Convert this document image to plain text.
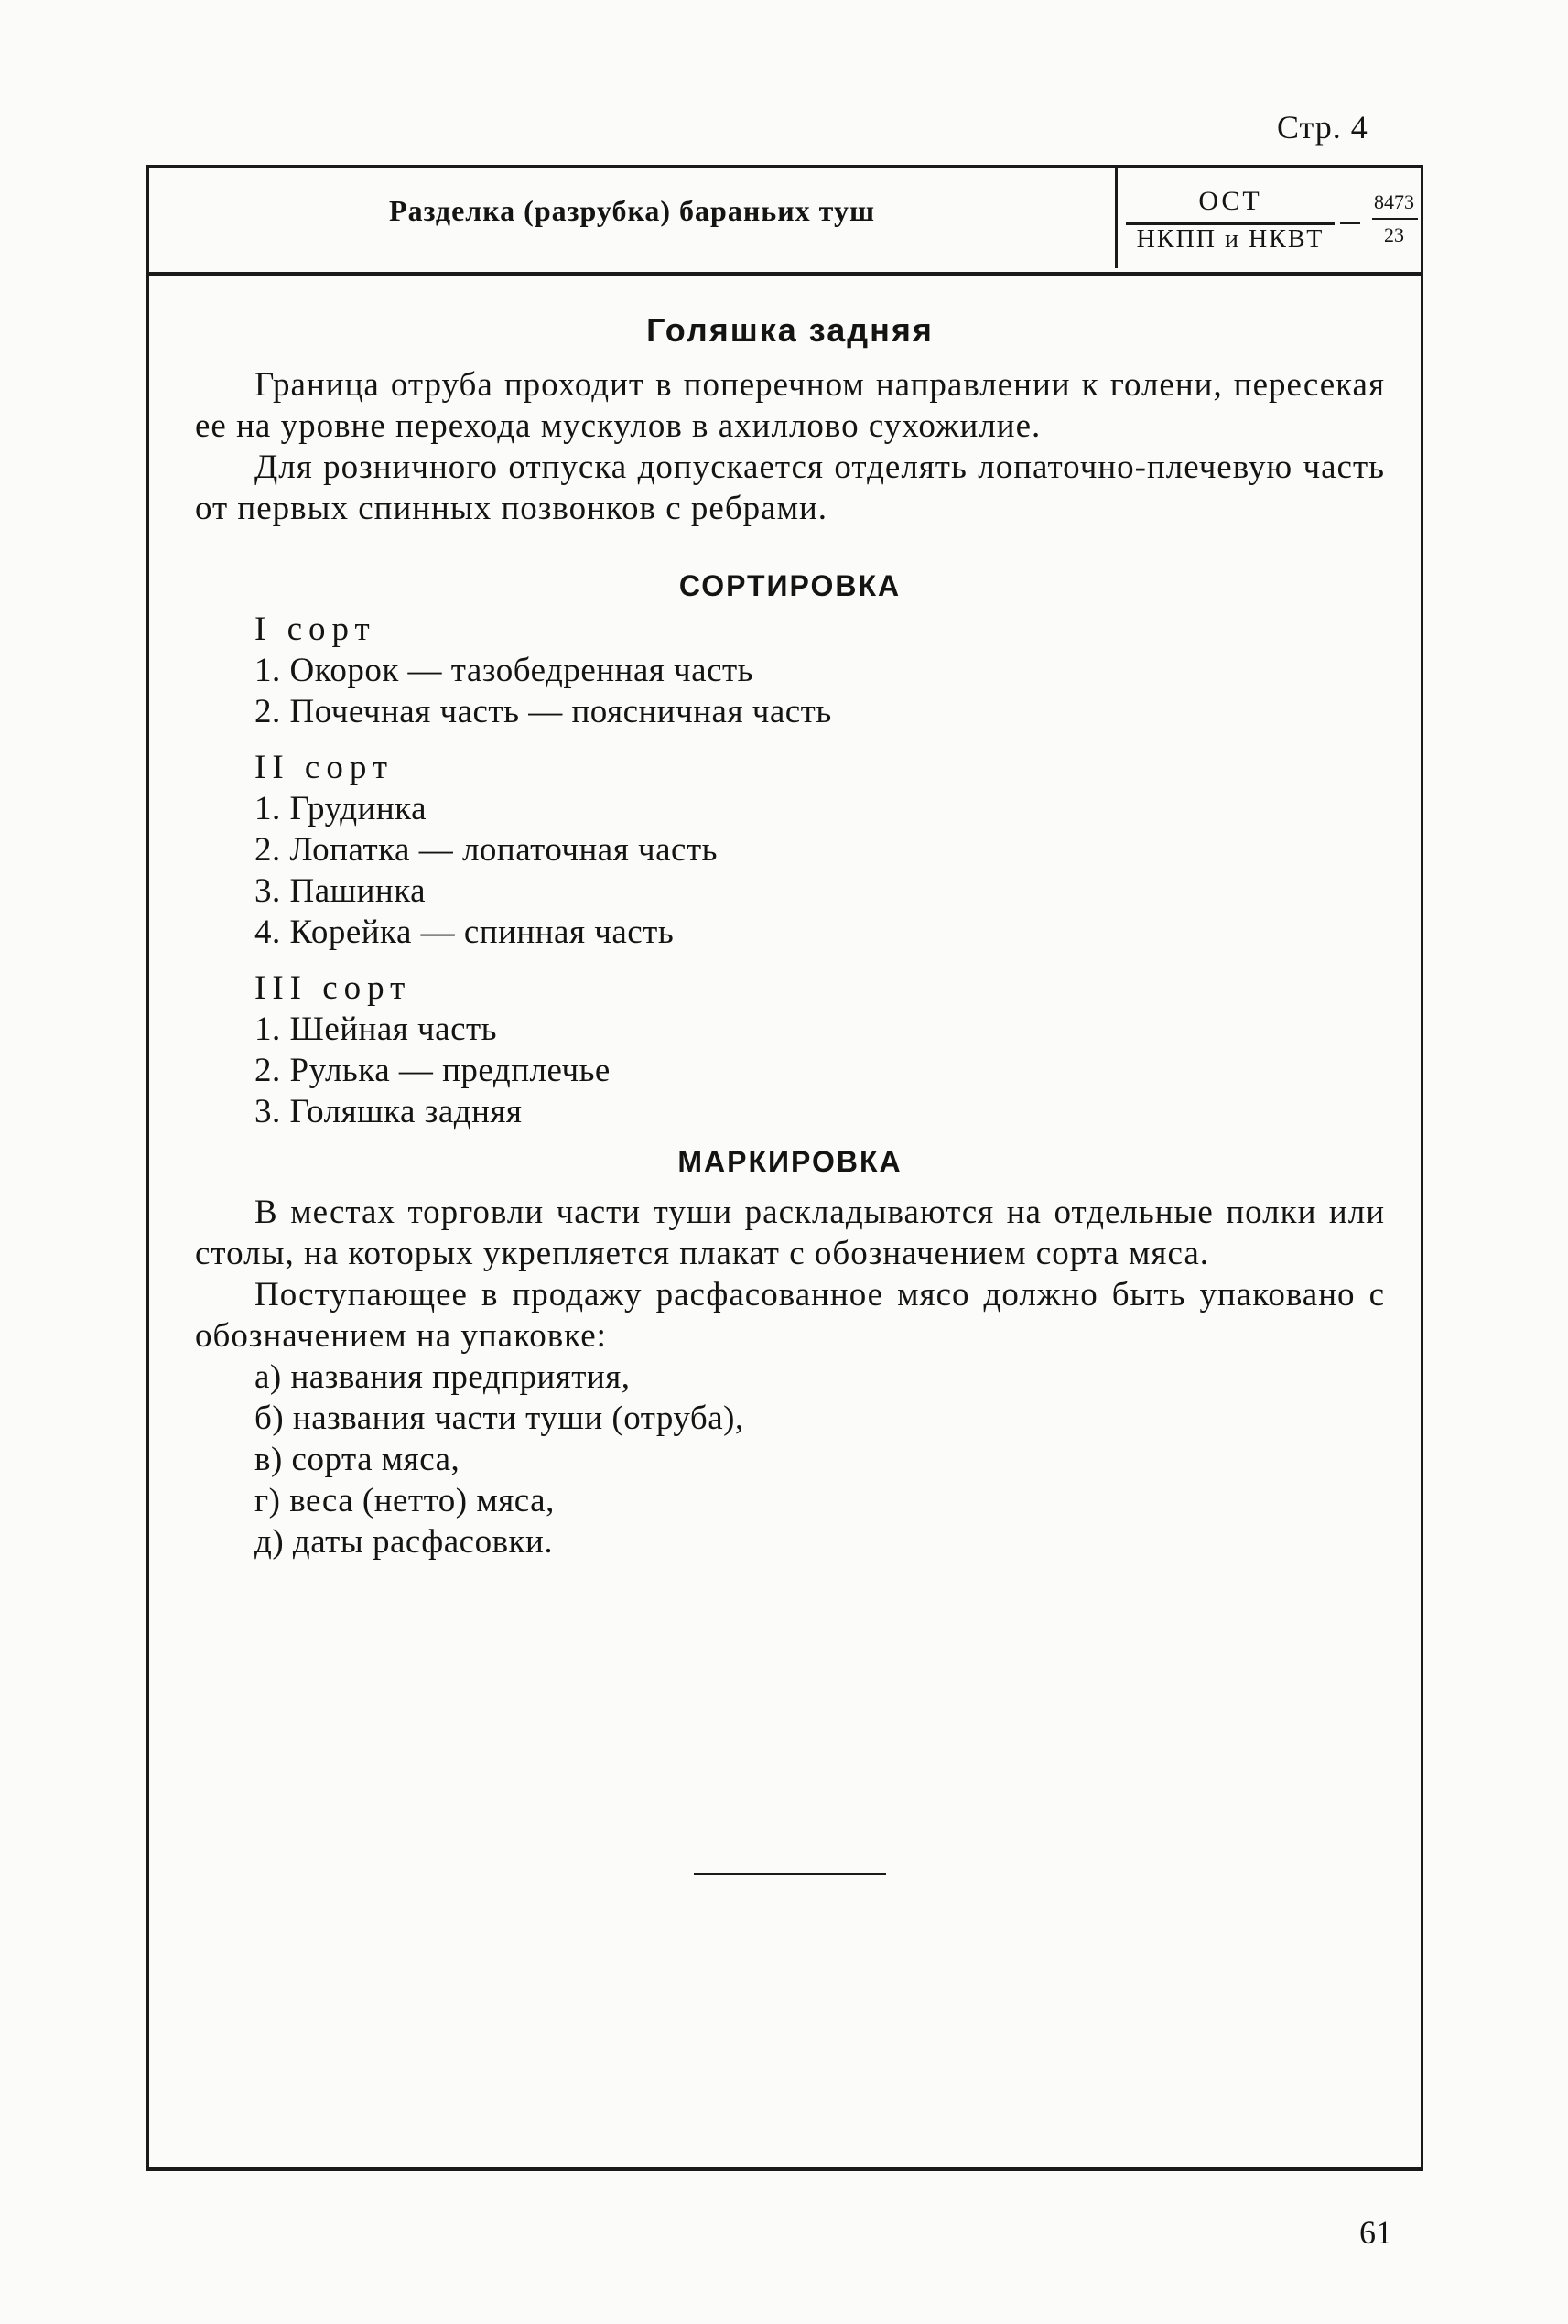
Стр. 4
Разделка (разрубка) бараньих туш	ОСТ
НКПП и НКВТ
8473
23
Голяшка задняя

Граница отруба проходит в поперечном направлении к голени, пересекая ее на уровне перехода мускулов в ахиллово сухожилие.

Для розничного отпуска допускается отделять лопаточно-плечевую часть от первых спинных позвонков с ребрами.

СОРТИРОВКА
I сорт
1. Окорок — тазобедренная часть
2. Почечная часть — поясничная часть
II сорт
1. Грудинка
2. Лопатка — лопаточная часть
3. Пашинка
4. Корейка — спинная часть
III сорт
1. Шейная часть
2. Рулька — предплечье
3. Голяшка задняя
МАРКИРОВКА

В местах торговли части туши раскладываются на отдельные полки или столы, на которых укрепляется плакат с обозначением сорта мяса.

Поступающее в продажу расфасованное мясо должно быть упаковано с обозначением на упаковке:

а) названия предприятия,
б) названия части туши (отруба),
в) сорта мяса,
г) веса (нетто) мяса,
д) даты расфасовки.
61
